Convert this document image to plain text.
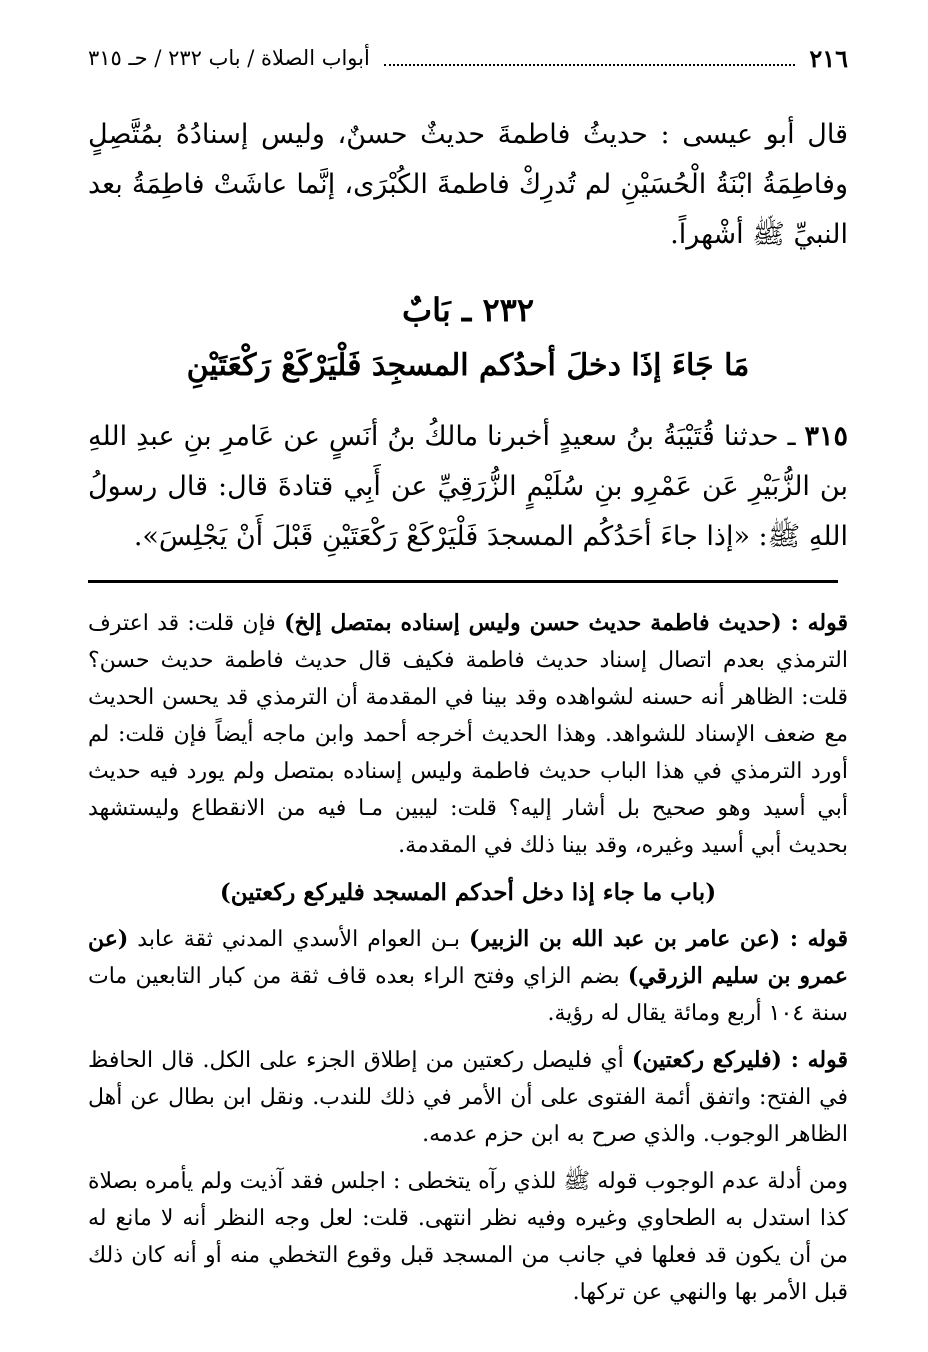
٢١٦
أبواب الصلاة / باب ٢٣٢ / حـ ٣١٥
قال أبو عيسى : حديثُ فاطمةَ حديثٌ حسنٌ، وليس إسنادُهُ بمُتَّصِلٍ وفاطِمَةُ ابْنَةُ الْحُسَيْنِ لم تُدرِكْ فاطمةَ الكُبْرَى، إنَّما عاشَتْ فاطِمَةُ بعد النبيِّ ﷺ أشْهراً.
٢٣٢ ـ بَابٌ
مَا جَاءَ إذَا دخلَ أحدُكم المسجِدَ فَلْيَرْكَعْ رَكْعَتَيْنِ
٣١٥ ـ حدثنا قُتَيْبَةُ بنُ سعيدٍ أخبرنا مالكُ بنُ أنَسٍ عن عَامرِ بنِ عبدِ اللهِ بن الزُّبَيْرِ عَن عَمْرِو بنِ سُلَيْمٍ الزُّرَقِيِّ عن أَبِي قتادةَ قال: قال رسولُ اللهِ ﷺ: «إذا جاءَ أحَدُكُم المسجدَ فَلْيَرْكَعْ رَكْعَتَيْنِ قَبْلَ أَنْ يَجْلِسَ».

قوله : (حديث فاطمة حديث حسن وليس إسناده بمتصل إلخ) فإن قلت: قد اعترف الترمذي بعدم اتصال إسناد حديث فاطمة فكيف قال حديث فاطمة حديث حسن؟ قلت: الظاهر أنه حسنه لشواهده وقد بينا في المقدمة أن الترمذي قد يحسن الحديث مع ضعف الإسناد للشواهد. وهذا الحديث أخرجه أحمد وابن ماجه أيضاً فإن قلت: لم أورد الترمذي في هذا الباب حديث فاطمة وليس إسناده بمتصل ولم يورد فيه حديث أبي أسيد وهو صحيح بل أشار إليه؟ قلت: ليبين مـا فيه من الانقطاع وليستشهد بحديث أبي أسيد وغيره، وقد بينا ذلك في المقدمة.

(باب ما جاء إذا دخل أحدكم المسجد فليركع ركعتين)

قوله : (عن عامر بن عبد الله بن الزبير) بـن العوام الأسدي المدني ثقة عابد (عن عمرو بن سليم الزرقي) بضم الزاي وفتح الراء بعده قاف ثقة من كبار التابعين مات سنة ١٠٤ أربع ومائة يقال له رؤية.

قوله : (فليركع ركعتين) أي فليصل ركعتين من إطلاق الجزء على الكل. قال الحافظ في الفتح: واتفق أئمة الفتوى على أن الأمر في ذلك للندب. ونقل ابن بطال عن أهل الظاهر الوجوب. والذي صرح به ابن حزم عدمه.

ومن أدلة عدم الوجوب قوله ﷺ للذي رآه يتخطى : اجلس فقد آذيت ولم يأمره بصلاة كذا استدل به الطحاوي وغيره وفيه نظر انتهى. قلت: لعل وجه النظر أنه لا مانع له من أن يكون قد فعلها في جانب من المسجد قبل وقوع التخطي منه أو أنه كان ذلك قبل الأمر بها والنهي عن تركها.
